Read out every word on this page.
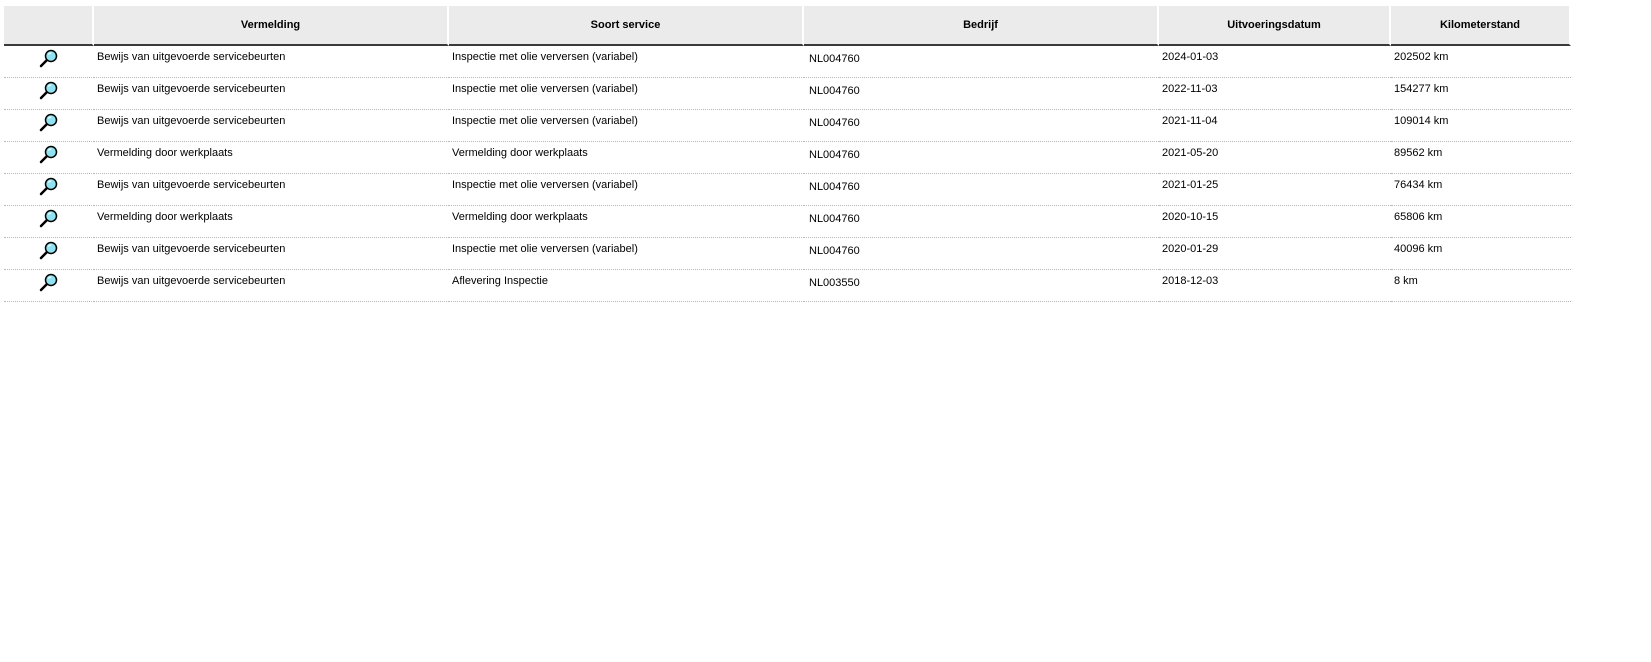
	Vermelding	Soort service	Bedrijf	Uitvoeringsdatum	Kilometerstand	
	Bewijs van uitgevoerde servicebeurten	Inspectie met olie verversen (variabel)	NL004760	2024-01-03	202502 km	
	Bewijs van uitgevoerde servicebeurten	Inspectie met olie verversen (variabel)	NL004760	2022-11-03	154277 km	
	Bewijs van uitgevoerde servicebeurten	Inspectie met olie verversen (variabel)	NL004760	2021-11-04	109014 km	
	Vermelding door werkplaats	Vermelding door werkplaats	NL004760	2021-05-20	89562 km	
	Bewijs van uitgevoerde servicebeurten	Inspectie met olie verversen (variabel)	NL004760	2021-01-25	76434 km	
	Vermelding door werkplaats	Vermelding door werkplaats	NL004760	2020-10-15	65806 km	
	Bewijs van uitgevoerde servicebeurten	Inspectie met olie verversen (variabel)	NL004760	2020-01-29	40096 km	
	Bewijs van uitgevoerde servicebeurten	Aflevering Inspectie	NL003550	2018-12-03	8 km	
